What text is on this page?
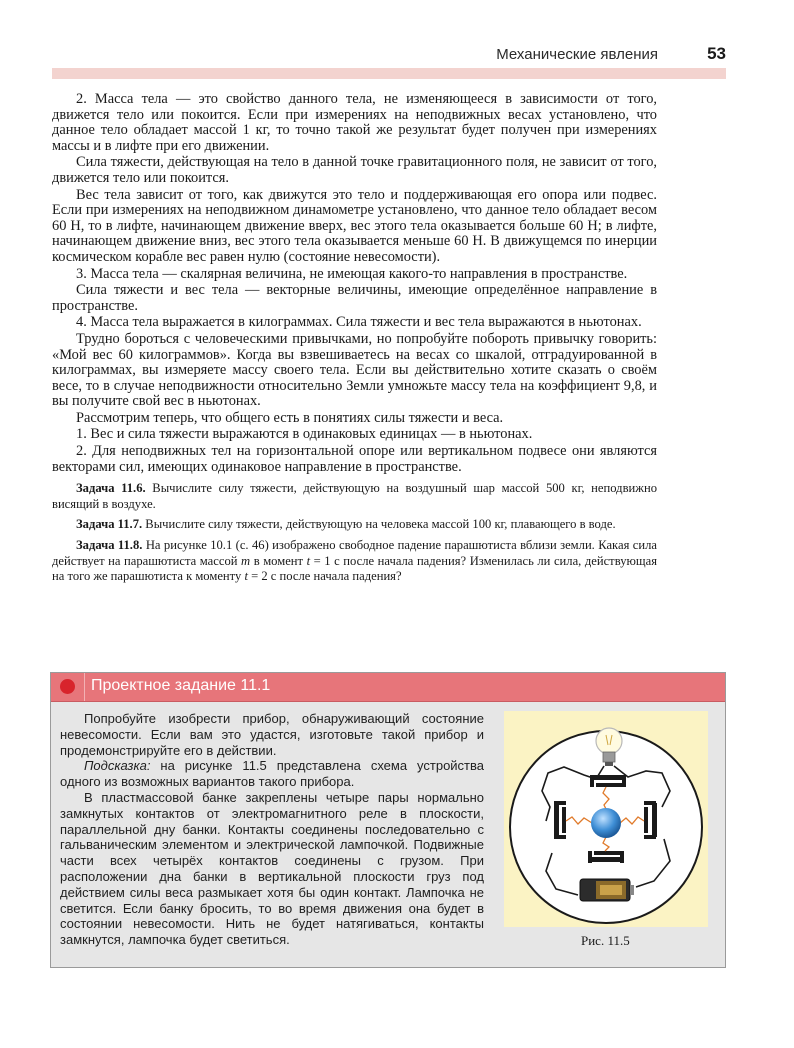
Механические явления	53

2. Масса тела — это свойство данного тела, не изменяющееся в зависимости от того, движется тело или покоится. Если при измерениях на неподвижных весах установлено, что данное тело обладает массой 1 кг, то точно такой же результат будет получен при измерениях массы и в лифте при его движении.

Сила тяжести, действующая на тело в данной точке гравитационного поля, не зависит от того, движется тело или покоится.

Вес тела зависит от того, как движутся это тело и поддерживающая его опора или подвес. Если при измерениях на неподвижном динамометре установлено, что данное тело обладает весом 60 Н, то в лифте, начинающем движение вверх, вес этого тела оказывается больше 60 Н; в лифте, начинающем движение вниз, вес этого тела оказывается меньше 60 Н. В движущемся по инерции космическом корабле вес равен нулю (состояние невесомости).

3. Масса тела — скалярная величина, не имеющая какого-то направления в пространстве.

Сила тяжести и вес тела — векторные величины, имеющие определённое направление в пространстве.

4. Масса тела выражается в килограммах. Сила тяжести и вес тела выражаются в ньютонах.

Трудно бороться с человеческими привычками, но попробуйте побороть привычку говорить: «Мой вес 60 килограммов». Когда вы взвешиваетесь на весах со шкалой, отградуированной в килограммах, вы измеряете массу своего тела. Если вы действительно хотите сказать о своём весе, то в случае неподвижности относительно Земли умножьте массу тела на коэффициент 9,8, и вы получите свой вес в ньютонах.

Рассмотрим теперь, что общего есть в понятиях силы тяжести и веса.

1. Вес и сила тяжести выражаются в одинаковых единицах — в ньютонах.

2. Для неподвижных тел на горизонтальной опоре или вертикальном подвесе они являются векторами сил, имеющих одинаковое направление в пространстве.

Задача 11.6. Вычислите силу тяжести, действующую на воздушный шар массой 500 кг, неподвижно висящий в воздухе.
Задача 11.7. Вычислите силу тяжести, действующую на человека массой 100 кг, плавающего в воде.
Задача 11.8. На рисунке 10.1 (с. 46) изображено свободное падение парашютиста вблизи земли. Какая сила действует на парашютиста массой m в момент t = 1 с после начала падения? Изменилась ли сила, действующая на того же парашютиста к моменту t = 2 с после начала падения?
Проектное задание 11.1

Попробуйте изобрести прибор, обнаруживающий состояние невесомости. Если вам это удастся, изготовьте такой прибор и продемонстрируйте его в действии.

Подсказка: на рисунке 11.5 представлена схема устройства одного из возможных вариантов такого прибора.

В пластмассовой банке закреплены четыре пары нормально замкнутых контактов от электромагнитного реле в плоскости, параллельной дну банки. Контакты соединены последовательно с гальваническим элементом и электрической лампочкой. Подвижные части всех четырёх контактов соединены с грузом. При расположении дна банки в вертикальной плоскости груз под действием силы веса размыкает хотя бы один контакт. Лампочка не светится. Если банку бросить, то во время движения она будет в состоянии невесомости. Нить не будет натягиваться, контакты замкнутся, лампочка будет светиться.	Рис. 11.5
